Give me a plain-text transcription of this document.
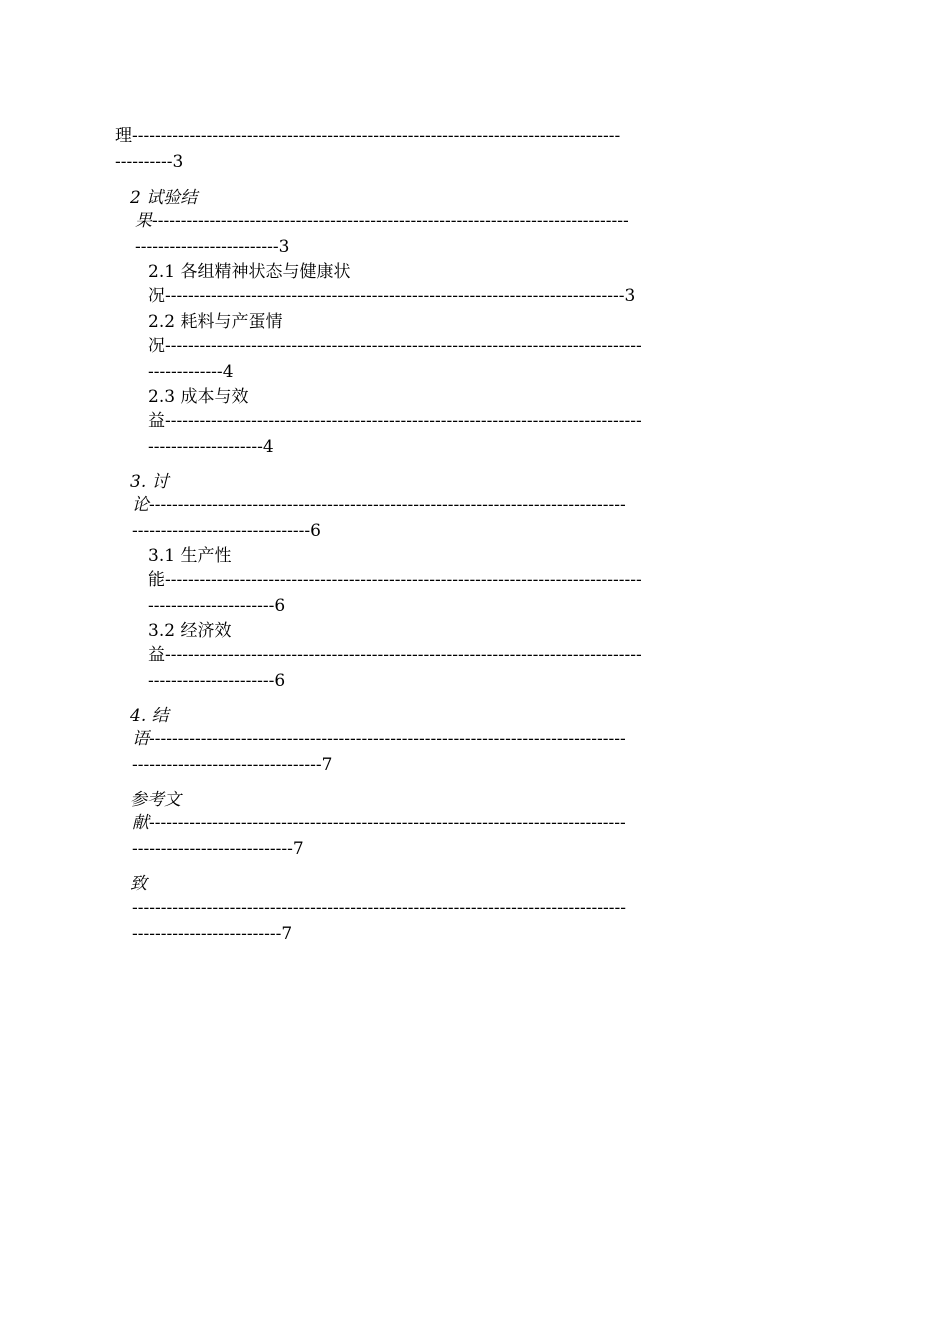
理-------------------------------------------------------------------------------------
----------3
2 试验结
果-----------------------------------------------------------------------------------
-------------------------3
2.1 各组精神状态与健康状
况--------------------------------------------------------------------------------3
2.2 耗料与产蛋情
况-----------------------------------------------------------------------------------
-------------4
2.3 成本与效
益-----------------------------------------------------------------------------------
--------------------4
3. 讨
论-----------------------------------------------------------------------------------
-------------------------------6
3.1 生产性
能-----------------------------------------------------------------------------------
----------------------6
3.2 经济效
益-----------------------------------------------------------------------------------
----------------------6
4. 结
语-----------------------------------------------------------------------------------
---------------------------------7
参考文
献-----------------------------------------------------------------------------------
----------------------------7
致
--------------------------------------------------------------------------------------
--------------------------7
